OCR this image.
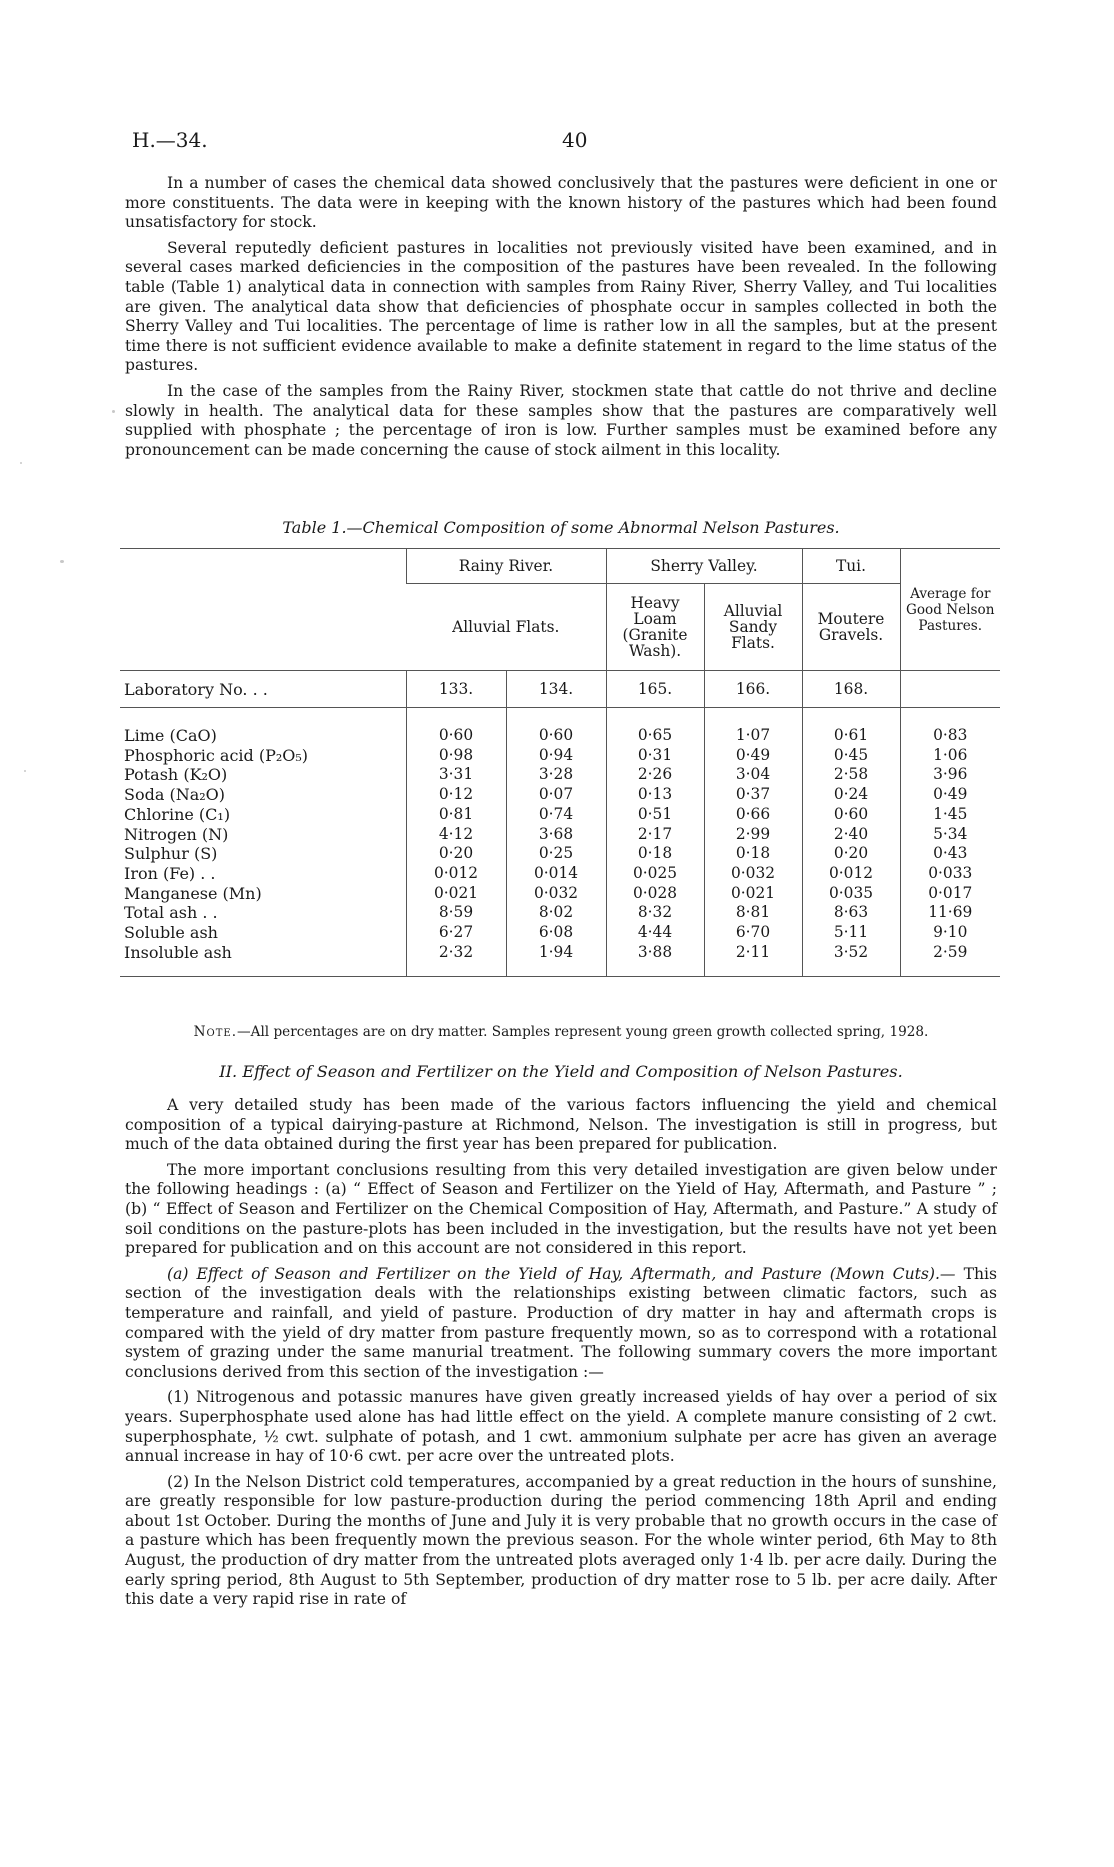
H.—34.	40

In a number of cases the chemical data showed conclusively that the pastures were deficient in one or more constituents. The data were in keeping with the known history of the pastures which had been found unsatisfactory for stock.

Several reputedly deficient pastures in localities not previously visited have been examined, and in several cases marked deficiencies in the composition of the pastures have been revealed. In the following table (Table 1) analytical data in connection with samples from Rainy River, Sherry Valley, and Tui localities are given. The analytical data show that deficiencies of phosphate occur in samples collected in both the Sherry Valley and Tui localities. The percentage of lime is rather low in all the samples, but at the present time there is not sufficient evidence available to make a definite statement in regard to the lime status of the pastures.

In the case of the samples from the Rainy River, stockmen state that cattle do not thrive and decline slowly in health. The analytical data for these samples show that the pastures are comparatively well supplied with phosphate ; the percentage of iron is low. Further samples must be examined before any pronouncement can be made concerning the cause of stock ailment in this locality.

Table 1.—Chemical Composition of some Abnormal Nelson Pastures.
	Rainy River.		Sherry Valley.		Tui.	Average for Good Nelson Pastures.
	Alluvial Flats.		Heavy Loam (Granite Wash).	Alluvial Sandy Flats.	Moutere Gravels.	
Laboratory No. . .	133.	134.	165.	166.	168.	

Lime (CaO)	0·60	0·60	0·65	1·07	0·61	0·83
Phosphoric acid (P₂O₅)	0·98	0·94	0·31	0·49	0·45	1·06
Potash (K₂O)	3·31	3·28	2·26	3·04	2·58	3·96
Soda (Na₂O)	0·12	0·07	0·13	0·37	0·24	0·49
Chlorine (C₁)	0·81	0·74	0·51	0·66	0·60	1·45
Nitrogen (N)	4·12	3·68	2·17	2·99	2·40	5·34
Sulphur (S)	0·20	0·25	0·18	0·18	0·20	0·43
Iron (Fe) . .	0·012	0·014	0·025	0·032	0·012	0·033
Manganese (Mn)	0·021	0·032	0·028	0·021	0·035	0·017
Total ash . .	8·59	8·02	8·32	8·81	8·63	11·69
Soluble ash	6·27	6·08	4·44	6·70	5·11	9·10
Insoluble ash	2·32	1·94	3·88	2·11	3·52	2·59

Note.—All percentages are on dry matter. Samples represent young green growth collected spring, 1928.
II. Effect of Season and Fertilizer on the Yield and Composition of Nelson Pastures.

A very detailed study has been made of the various factors influencing the yield and chemical composition of a typical dairying-pasture at Richmond, Nelson. The investigation is still in progress, but much of the data obtained during the first year has been prepared for publication.

The more important conclusions resulting from this very detailed investigation are given below under the following headings : (a) “ Effect of Season and Fertilizer on the Yield of Hay, Aftermath, and Pasture ” ; (b) “ Effect of Season and Fertilizer on the Chemical Composition of Hay, Aftermath, and Pasture.” A study of soil conditions on the pasture-plots has been included in the investigation, but the results have not yet been prepared for publication and on this account are not considered in this report.

(a) Effect of Season and Fertilizer on the Yield of Hay, Aftermath, and Pasture (Mown Cuts).— This section of the investigation deals with the relationships existing between climatic factors, such as temperature and rainfall, and yield of pasture. Production of dry matter in hay and aftermath crops is compared with the yield of dry matter from pasture frequently mown, so as to correspond with a rotational system of grazing under the same manurial treatment. The following summary covers the more important conclusions derived from this section of the investigation :—

(1) Nitrogenous and potassic manures have given greatly increased yields of hay over a period of six years. Superphosphate used alone has had little effect on the yield. A complete manure consisting of 2 cwt. superphosphate, ½ cwt. sulphate of potash, and 1 cwt. ammonium sulphate per acre has given an average annual increase in hay of 10·6 cwt. per acre over the untreated plots.

(2) In the Nelson District cold temperatures, accompanied by a great reduction in the hours of sunshine, are greatly responsible for low pasture-production during the period commencing 18th April and ending about 1st October. During the months of June and July it is very probable that no growth occurs in the case of a pasture which has been frequently mown the previous season. For the whole winter period, 6th May to 8th August, the production of dry matter from the untreated plots averaged only 1·4 lb. per acre daily. During the early spring period, 8th August to 5th September, production of dry matter rose to 5 lb. per acre daily. After this date a very rapid rise in rate of
